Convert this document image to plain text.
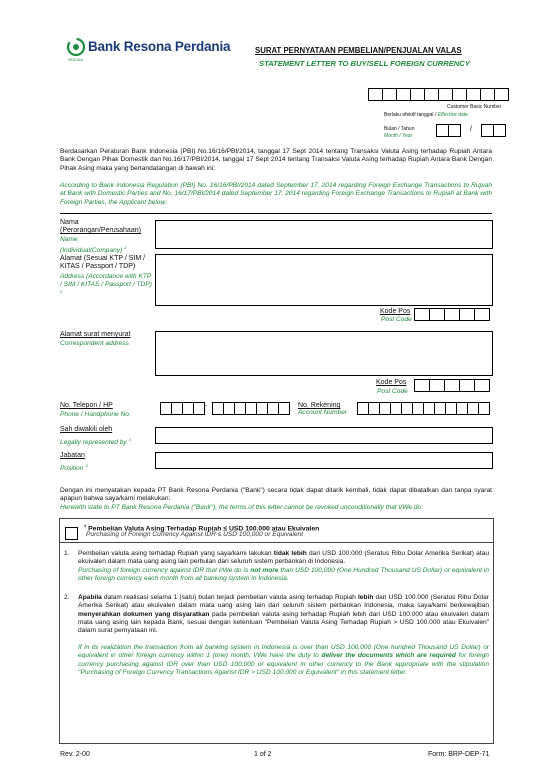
Bank Resona Perdania
RESONA
SURAT PERNYATAAN PEMBELIAN/PENJUALAN VALAS
STATEMENT LETTER TO BUY/SELL FOREIGN CURRENCY
Customer Basic Number
Berlaku efektif tanggal / Effective date
Bulan / Tahun
Month / Year
/
Berdasarkan Peraturan Bank Indonesia (PBI) No.16/16/PBI/2014, tanggal 17 Sept 2014 tentang Transaksi Valuta Asing terhadap Rupiah Antara Bank Dengan Pihak Domestik dan No.16/17/PBI/2014, tanggal 17 Sept 2014 tentang Transaksi Valuta Asing terhadap Rupiah Antara Bank Dengan Pihak Asing maka yang bertandatangan di bawah ini:
According to Bank Indonesia Regulation (PBI) No. 16/16/PBI/2014 dated September 17, 2014 regarding Foreign Exchange Transactions to Rupiah at Bank with Domestic Parties and No. 16/17/PBI/2014 dated September 17, 2014 regarding Foreign Exchange Transactions to Rupiah at Bank with Foreign Parties, the Applicant below:
Nama
(Perorangan/Perusahaan)
Name
(Individual/Company) $^2$
Alamat (Sesuai KTP / SIM / KITAS / Passport / TDP)
Address (Accordance with KTP / SIM / KITAS / Passport / TDP) $^2$
Kode Pos
Post Code
Alamat surat menyurat
Correspondent address
Kode Pos
Post Code
No. Telepon / HP
Phone / Handphone No.
-	No. Rekening
Account Number
Sah diwakili oleh
Legally represented by $^3$
Jabatan
Position $^3$
Dengan ini menyatakan kepada PT Bank Resona Perdania ("Bank") secara tidak dapat ditarik kembali, tidak dapat dibatalkan dan tanpa syarat apapun bahwa saya/kami melakukan:
Herewith state to PT Bank Resona Perdania ("Bank"), the terms of this letter cannot be revoked unconditionally that I/We do:
$^4$ Pembelian Valuta Asing Terhadap Rupiah ≤ USD 100.000 atau Ekuivalen
Purchasing of Foreign Currency Against IDR ≤ USD 100,000 or Equivalent
1. Pembelian valuta asing terhadap Rupiah yang saya/kami lakukan tidak lebih dari USD 100.000 (Seratus Ribu Dolar Amerika Serikat) atau ekuivalen dalam mata uang asing lain perbulan dari seluruh sistem perbankan di Indonesia.
Purchasing of foreign currency against IDR that I/We do is not more than USD 100,000 (One Hundred Thousand US Dollar) or equivalent in other foreign currency each month from all banking system in Indonesia.
2. Apabila dalam realisasi selama 1 (satu) bulan terjadi pembelian valuta asing terhadap Rupiah lebih dari USD 100.000 (Seratus Ribu Dolar Amerika Serikat) atau ekuivalen dalam mata uang asing lain dari seluruh sistem perbankan Indonesia, maka saya/kami berkewajiban menyerahkan dokumen yang disyaratkan pada pembelian valuta asing terhadap Rupiah lebih dari USD 100.000 atau ekuivalen dalam mata uang asing lain kepada Bank, sesuai dengan ketentuan "Pembelian Valuta Asing Terhadap Rupiah > USD 100.000 atau Ekuivalen" dalam surat pernyataan ini.
If in its realization the transaction from all banking system in Indonesia is over than USD 100,000 (One hundred Thousand US Dollar) or equivalent in other foreign currency within 1 (one) month, I/We have the duty to deliver the documents which are required for foreign currency purchasing against IDR over than USD 100,000 or equivalent in other currency to the Bank appropriate with the stipulation "Purchasing of Foreign Currency Transactions Against IDR > USD 100,000 or Equivalent" in this statement letter.
Rev. 2-00	1 of 2	Form: BRP-DEP-71
